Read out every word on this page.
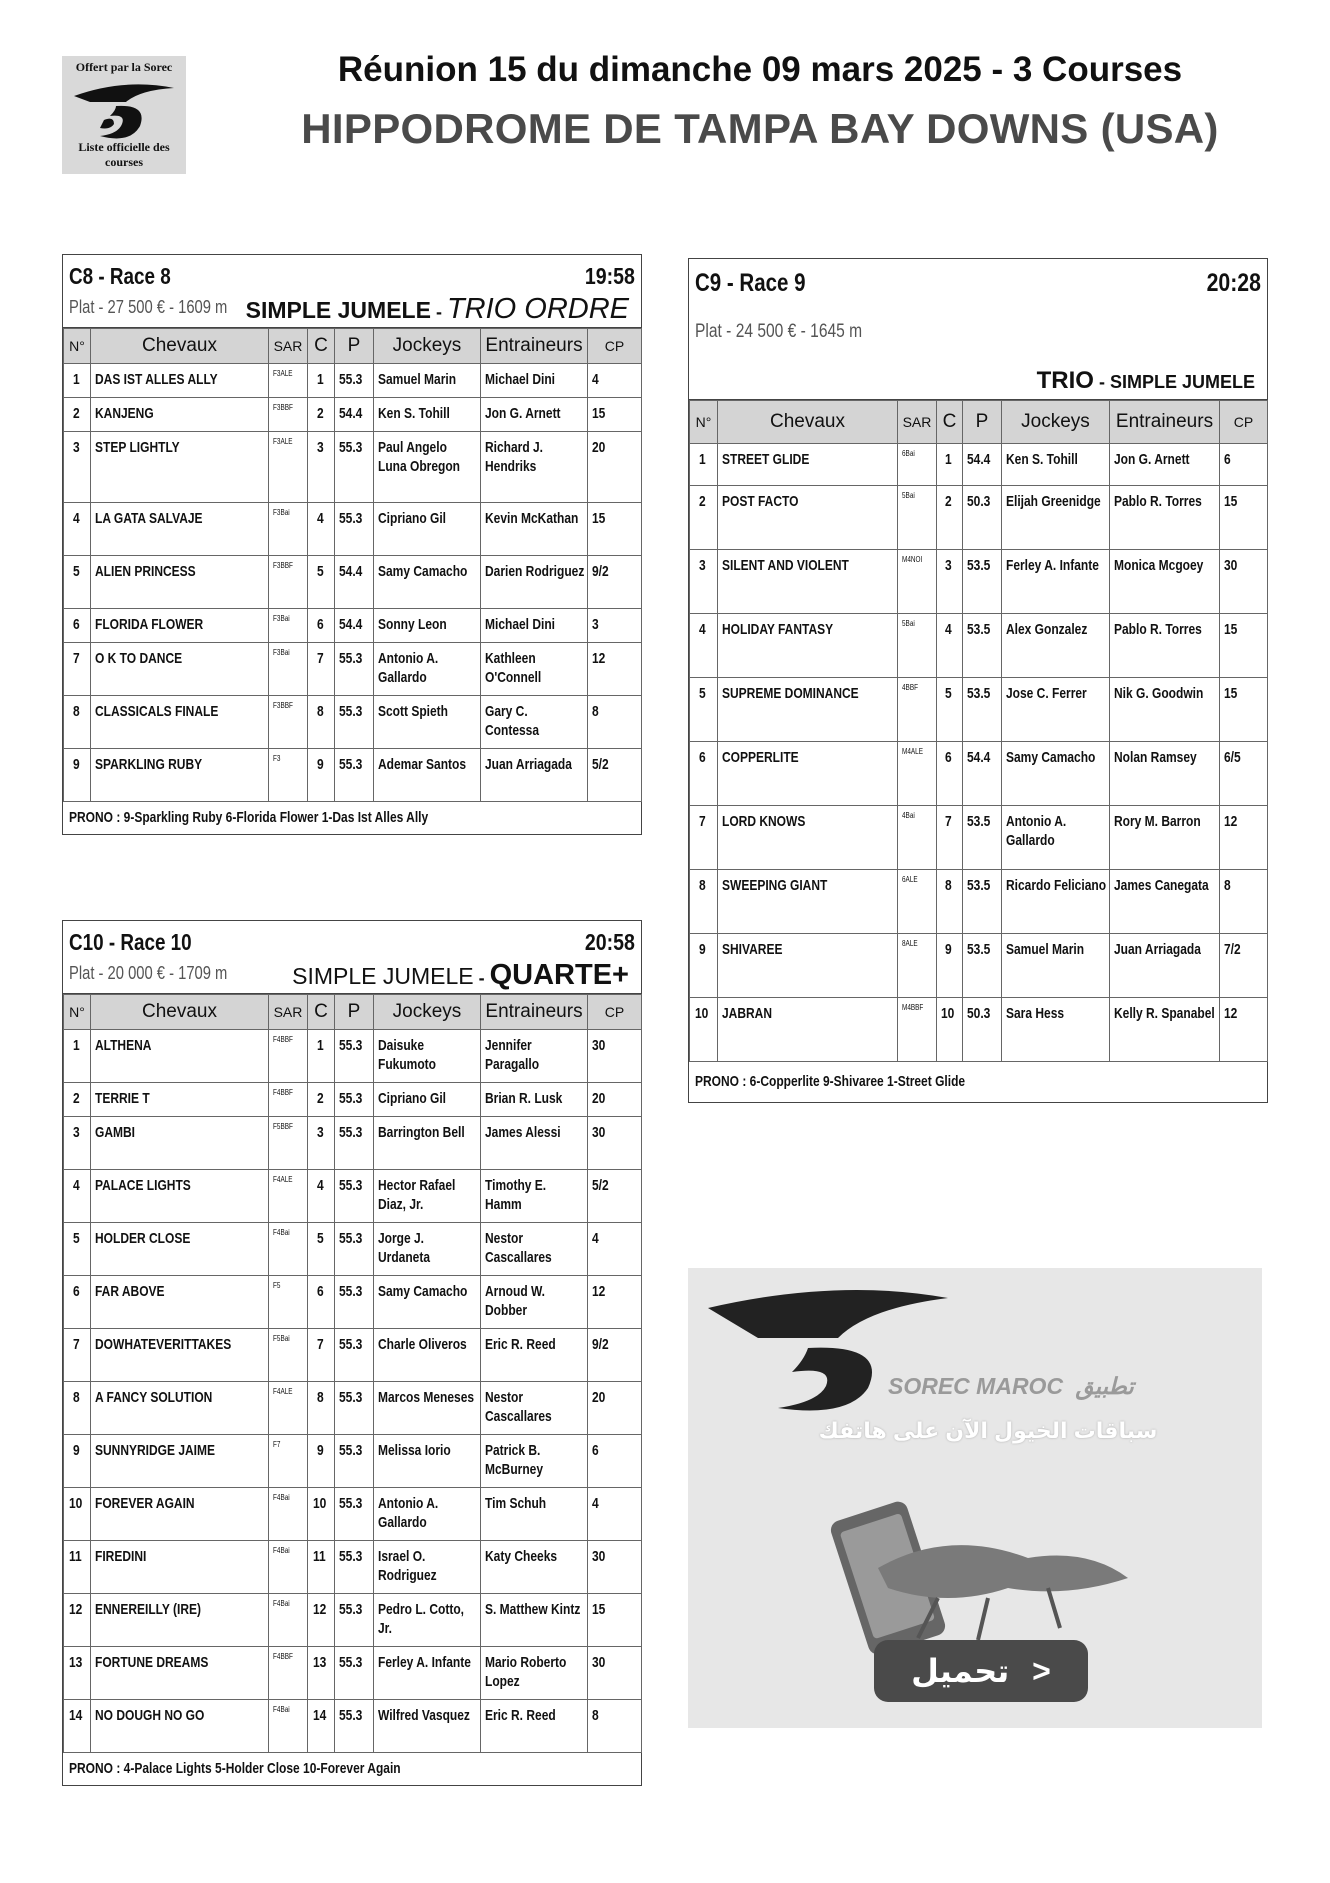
Offert par la Sorec
Liste officielle des courses
Réunion 15 du dimanche 09 mars 2025 - 3 Courses
HIPPODROME DE TAMPA BAY DOWNS (USA)
C8 - Race 8	19:58
Plat - 27 500 € - 1609 m SIMPLE JUMELE - TRIO ORDRE
N°	Chevaux	SAR	C	P	Jockeys	Entraineurs	CP
1	DAS IST ALLES ALLY	F3ALE	1	55.3	Samuel Marin	Michael Dini	4
2	KANJENG	F3BBF	2	54.4	Ken S. Tohill	Jon G. Arnett	15
3	STEP LIGHTLY	F3ALE	3	55.3	Paul Angelo Luna Obregon	Richard J. Hendriks	20
4	LA GATA SALVAJE	F3Bai	4	55.3	Cipriano Gil	Kevin McKathan	15
5	ALIEN PRINCESS	F3BBF	5	54.4	Samy Camacho	Darien Rodriguez	9/2
6	FLORIDA FLOWER	F3Bai	6	54.4	Sonny Leon	Michael Dini	3
7	O K TO DANCE	F3Bai	7	55.3	Antonio A. Gallardo	Kathleen O'Connell	12
8	CLASSICALS FINALE	F3BBF	8	55.3	Scott Spieth	Gary C. Contessa	8
9	SPARKLING RUBY	F3	9	55.3	Ademar Santos	Juan Arriagada	5/2
PRONO : 9-Sparkling Ruby 6-Florida Flower 1-Das Ist Alles Ally
C9 - Race 9	20:28
Plat - 24 500 € - 1645 m
TRIO - SIMPLE JUMELE
N°	Chevaux	SAR	C	P	Jockeys	Entraineurs	CP
1	STREET GLIDE	6Bai	1	54.4	Ken S. Tohill	Jon G. Arnett	6
2	POST FACTO	5Bai	2	50.3	Elijah Greenidge	Pablo R. Torres	15
3	SILENT AND VIOLENT	M4NOI	3	53.5	Ferley A. Infante	Monica Mcgoey	30
4	HOLIDAY FANTASY	5Bai	4	53.5	Alex Gonzalez	Pablo R. Torres	15
5	SUPREME DOMINANCE	4BBF	5	53.5	Jose C. Ferrer	Nik G. Goodwin	15
6	COPPERLITE	M4ALE	6	54.4	Samy Camacho	Nolan Ramsey	6/5
7	LORD KNOWS	4Bai	7	53.5	Antonio A. Gallardo	Rory M. Barron	12
8	SWEEPING GIANT	6ALE	8	53.5	Ricardo Feliciano	James Canegata	8
9	SHIVAREE	8ALE	9	53.5	Samuel Marin	Juan Arriagada	7/2
10	JABRAN	M4BBF	10	50.3	Sara Hess	Kelly R. Spanabel	12
PRONO : 6-Copperlite 9-Shivaree 1-Street Glide
C10 - Race 10	20:58
Plat - 20 000 € - 1709 m	SIMPLE JUMELE - QUARTE+
N°	Chevaux	SAR	C	P	Jockeys	Entraineurs	CP
1	ALTHENA	F4BBF	1	55.3	Daisuke Fukumoto	Jennifer Paragallo	30
2	TERRIE T	F4BBF	2	55.3	Cipriano Gil	Brian R. Lusk	20
3	GAMBI	F5BBF	3	55.3	Barrington Bell	James Alessi	30
4	PALACE LIGHTS	F4ALE	4	55.3	Hector Rafael Diaz, Jr.	Timothy E. Hamm	5/2
5	HOLDER CLOSE	F4Bai	5	55.3	Jorge J. Urdaneta	Nestor Cascallares	4
6	FAR ABOVE	F5	6	55.3	Samy Camacho	Arnoud W. Dobber	12
7	DOWHATEVERITTAKES	F5Bai	7	55.3	Charle Oliveros	Eric R. Reed	9/2
8	A FANCY SOLUTION	F4ALE	8	55.3	Marcos Meneses	Nestor Cascallares	20
9	SUNNYRIDGE JAIME	F7	9	55.3	Melissa Iorio	Patrick B. McBurney	6
10	FOREVER AGAIN	F4Bai	10	55.3	Antonio A. Gallardo	Tim Schuh	4
11	FIREDINI	F4Bai	11	55.3	Israel O. Rodriguez	Katy Cheeks	30
12	ENNEREILLY (IRE)	F4Bai	12	55.3	Pedro L. Cotto, Jr.	S. Matthew Kintz	15
13	FORTUNE DREAMS	F4BBF	13	55.3	Ferley A. Infante	Mario Roberto Lopez	30
14	NO DOUGH NO GO	F4Bai	14	55.3	Wilfred Vasquez	Eric R. Reed	8
PRONO : 4-Palace Lights 5-Holder Close 10-Forever Again
SOREC MAROC تطبيق
سباقات الخيول الآن على هاتفك
تحميل >
